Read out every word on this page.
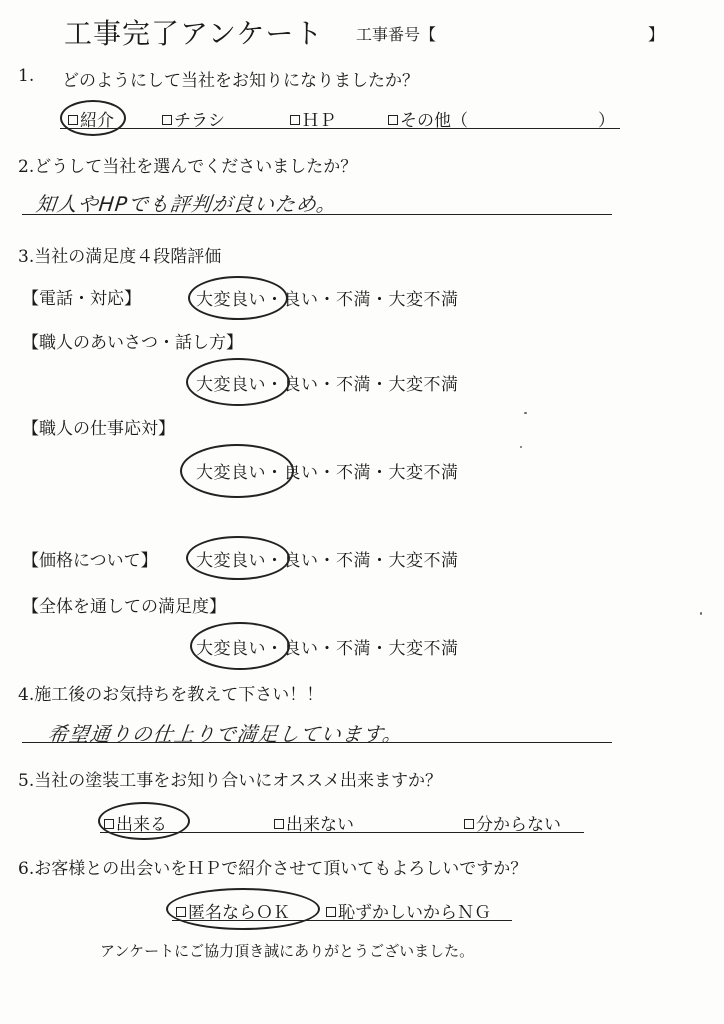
工事完了アンケート 工事番号【	】
1. どのようにして当社をお知りになりましたか？
紹介	チラシ	ＨＰ	その他（	）
2.どうして当社を選んでくださいましたか？
知人やHPでも評判が良いため。
3.当社の満足度４段階評価
【電話・対応】	大変良い・良い・不満・大変不満
【職人のあいさつ・話し方】
大変良い・良い・不満・大変不満
【職人の仕事応対】
大変良い・良い・不満・大変不満
【価格について】 大変良い・良い・不満・大変不満
【全体を通しての満足度】
大変良い・良い・不満・大変不満
4.施工後のお気持ちを教えて下さい！！
希望通りの仕上りで満足しています。
5.当社の塗装工事をお知り合いにオススメ出来ますか？
出来る	出来ない	分からない
6.お客様との出会いをＨＰで紹介させて頂いてもよろしいですか？
匿名ならＯＫ	恥ずかしいからＮＧ
アンケートにご協力頂き誠にありがとうございました。
